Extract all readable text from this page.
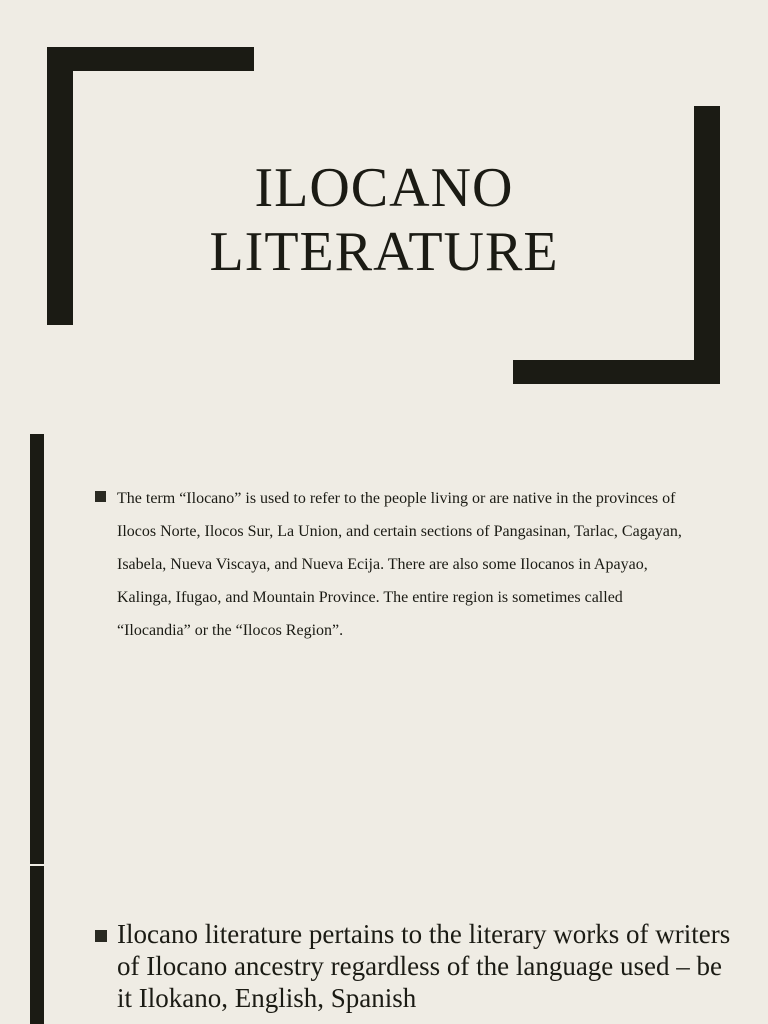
ILOCANO
LITERATURE

The term “Ilocano” is used to refer to the people living or are native in the provinces of Ilocos Norte, Ilocos Sur, La Union, and certain sections of Pangasinan, Tarlac, Cagayan, Isabela, Nueva Viscaya, and Nueva Ecija. There are also some Ilocanos in Apayao, Kalinga, Ifugao, and Mountain Province. The entire region is sometimes called “Ilocandia” or the “Ilocos Region”.

Ilocano literature pertains to the literary works of writers of Ilocano ancestry regardless of the language used – be it Ilokano, English, Spanish
